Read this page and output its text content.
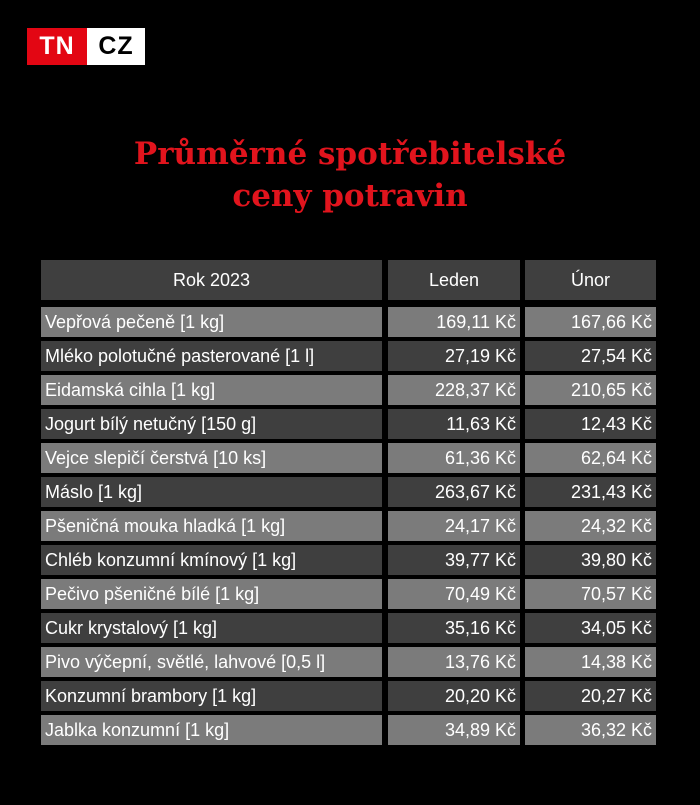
TN CZ
Průměrné spotřebitelské
ceny potravin
Rok 2023	Leden	Únor
Vepřová pečeně [1 kg]	169,11 Kč	167,66 Kč
Mléko polotučné pasterované [1 l]	27,19 Kč	27,54 Kč
Eidamská cihla [1 kg]	228,37 Kč	210,65 Kč
Jogurt bílý netučný [150 g]	11,63 Kč	12,43 Kč
Vejce slepičí čerstvá [10 ks]	61,36 Kč	62,64 Kč
Máslo [1 kg]	263,67 Kč	231,43 Kč
Pšeničná mouka hladká [1 kg]	24,17 Kč	24,32 Kč
Chléb konzumní kmínový [1 kg]	39,77 Kč	39,80 Kč
Pečivo pšeničné bílé [1 kg]	70,49 Kč	70,57 Kč
Cukr krystalový [1 kg]	35,16 Kč	34,05 Kč
Pivo výčepní, světlé, lahvové [0,5 l]	13,76 Kč	14,38 Kč
Konzumní brambory [1 kg]	20,20 Kč	20,27 Kč
Jablka konzumní [1 kg]	34,89 Kč	36,32 Kč
